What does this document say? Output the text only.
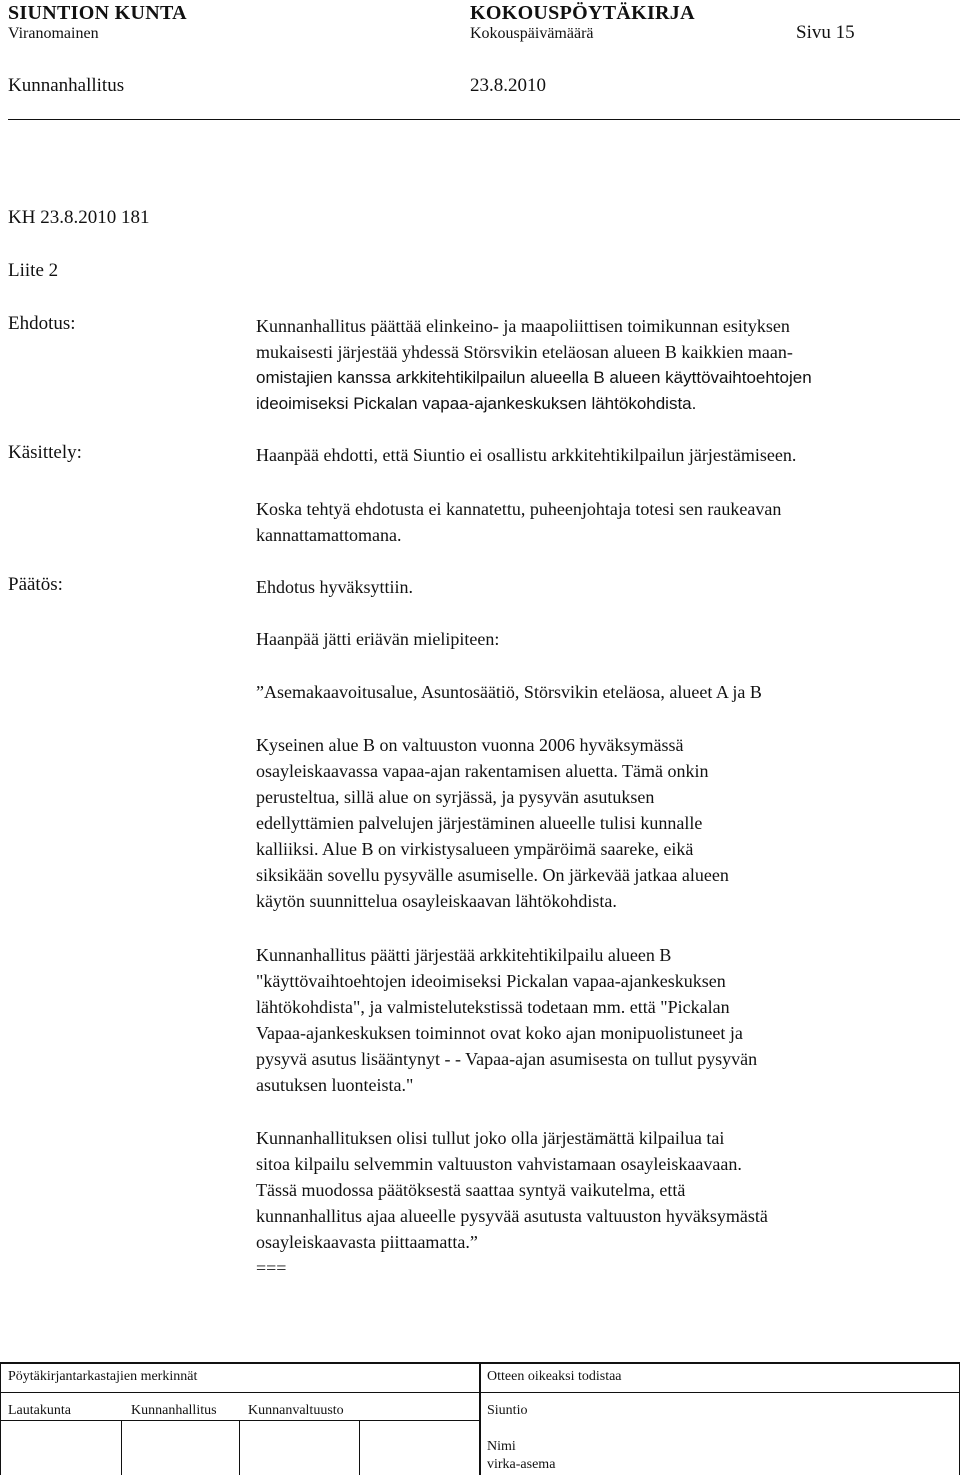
SIUNTION KUNTA	KOKOUSPÖYTÄKIRJA
Viranomainen	Kokouspäivämäärä	Sivu 15
Kunnanhallitus	23.8.2010
KH 23.8.2010 181
Liite 2
Ehdotus:	Kunnanhallitus päättää elinkeino- ja maapoliittisen toimikunnan esityksen
mukaisesti järjestää yhdessä Störsvikin eteläosan alueen B kaikkien maan-
omistajien kanssa arkkitehtikilpailun alueella B alueen käyttövaihtoehtojen
ideoimiseksi Pickalan vapaa-ajankeskuksen lähtökohdista.
Käsittely:	Haanpää ehdotti, että Siuntio ei osallistu arkkitehtikilpailun järjestämiseen.
Koska tehtyä ehdotusta ei kannatettu, puheenjohtaja totesi sen raukeavan
kannattamattomana.
Päätös:	Ehdotus hyväksyttiin.
Haanpää jätti eriävän mielipiteen:
”Asemakaavoitusalue, Asuntosäätiö, Störsvikin eteläosa, alueet A ja B
Kyseinen alue B on valtuuston vuonna 2006 hyväksymässä
osayleiskaavassa vapaa-ajan rakentamisen aluetta. Tämä onkin
perusteltua, sillä alue on syrjässä, ja pysyvän asutuksen
edellyttämien palvelujen järjestäminen alueelle tulisi kunnalle
kalliiksi. Alue B on virkistysalueen ympäröimä saareke, eikä
siksikään sovellu pysyvälle asumiselle. On järkevää jatkaa alueen
käytön suunnittelua osayleiskaavan lähtökohdista.
Kunnanhallitus päätti järjestää arkkitehtikilpailu alueen B
"käyttövaihtoehtojen ideoimiseksi Pickalan vapaa-ajankeskuksen
lähtökohdista", ja valmistelutekstissä todetaan mm. että "Pickalan
Vapaa-ajankeskuksen toiminnot ovat koko ajan monipuolistuneet ja
pysyvä asutus lisääntynyt - - Vapaa-ajan asumisesta on tullut pysyvän
asutuksen luonteista."
Kunnanhallituksen olisi tullut joko olla järjestämättä kilpailua tai
sitoa kilpailu selvemmin valtuuston vahvistamaan osayleiskaavaan.
Tässä muodossa päätöksestä saattaa syntyä vaikutelma, että
kunnanhallitus ajaa alueelle pysyvää asutusta valtuuston hyväksymästä
osayleiskaavasta piittaamatta.”
===
Pöytäkirjantarkastajien merkinnät	Otteen oikeaksi todistaa
Lautakunta	Kunnanhallitus Kunnanvaltuusto	Siuntio
Nimi
virka-asema
